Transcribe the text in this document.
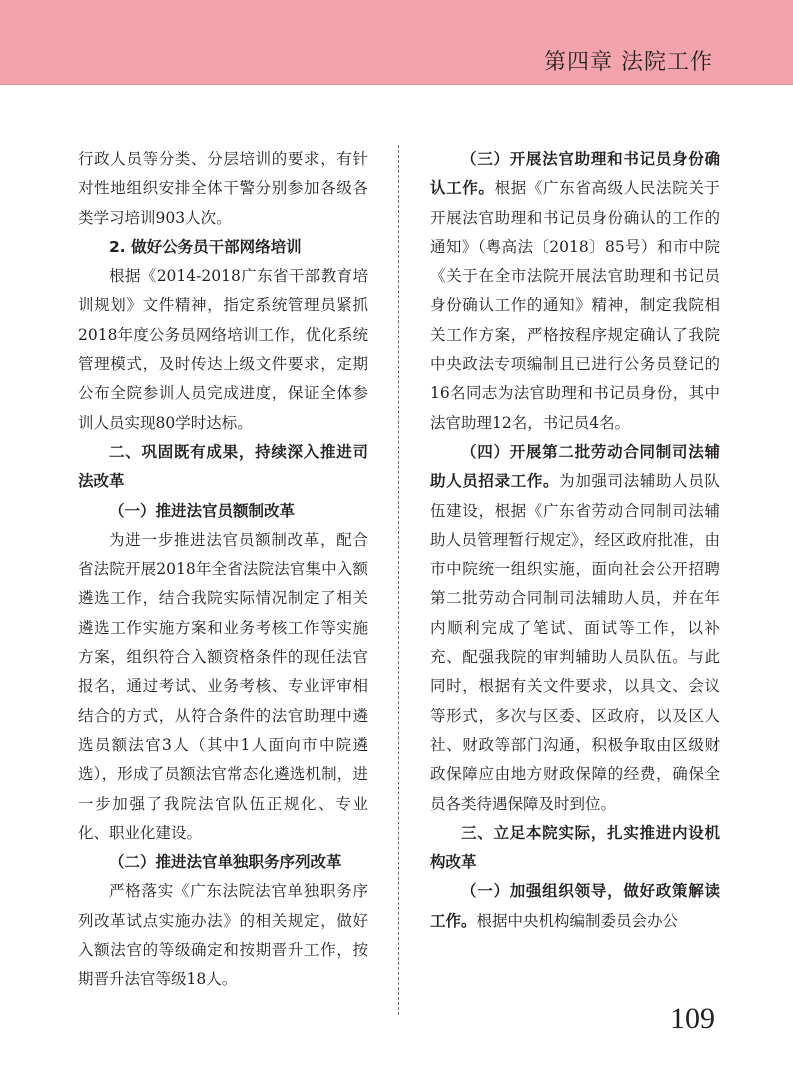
第四章 法院工作

行政人员等分类、分层培训的要求，有针对性地组织安排全体干警分别参加各级各类学习培训903人次。

2. 做好公务员干部网络培训

根据《2014-2018广东省干部教育培训规划》文件精神，指定系统管理员紧抓2018年度公务员网络培训工作，优化系统管理模式，及时传达上级文件要求，定期公布全院参训人员完成进度，保证全体参训人员实现80学时达标。

二、巩固既有成果，持续深入推进司法改革

（一）推进法官员额制改革

为进一步推进法官员额制改革，配合省法院开展2018年全省法院法官集中入额遴选工作，结合我院实际情况制定了相关遴选工作实施方案和业务考核工作等实施方案，组织符合入额资格条件的现任法官报名，通过考试、业务考核、专业评审相结合的方式，从符合条件的法官助理中遴选员额法官3人（其中1人面向市中院遴选），形成了员额法官常态化遴选机制，进一步加强了我院法官队伍正规化、专业化、职业化建设。

（二）推进法官单独职务序列改革

严格落实《广东法院法官单独职务序列改革试点实施办法》的相关规定，做好入额法官的等级确定和按期晋升工作，按期晋升法官等级18人。

（三）开展法官助理和书记员身份确认工作。根据《广东省高级人民法院关于开展法官助理和书记员身份确认的工作的通知》（粤高法〔2018〕85号）和市中院《关于在全市法院开展法官助理和书记员身份确认工作的通知》精神，制定我院相关工作方案，严格按程序规定确认了我院中央政法专项编制且已进行公务员登记的16名同志为法官助理和书记员身份，其中法官助理12名，书记员4名。

（四）开展第二批劳动合同制司法辅助人员招录工作。为加强司法辅助人员队伍建设，根据《广东省劳动合同制司法辅助人员管理暂行规定》，经区政府批准，由市中院统一组织实施，面向社会公开招聘第二批劳动合同制司法辅助人员，并在年内顺利完成了笔试、面试等工作，以补充、配强我院的审判辅助人员队伍。与此同时，根据有关文件要求，以具文、会议等形式，多次与区委、区政府，以及区人社、财政等部门沟通，积极争取由区级财政保障应由地方财政保障的经费，确保全员各类待遇保障及时到位。

三、立足本院实际，扎实推进内设机构改革

（一）加强组织领导，做好政策解读工作。根据中央机构编制委员会办公

109
